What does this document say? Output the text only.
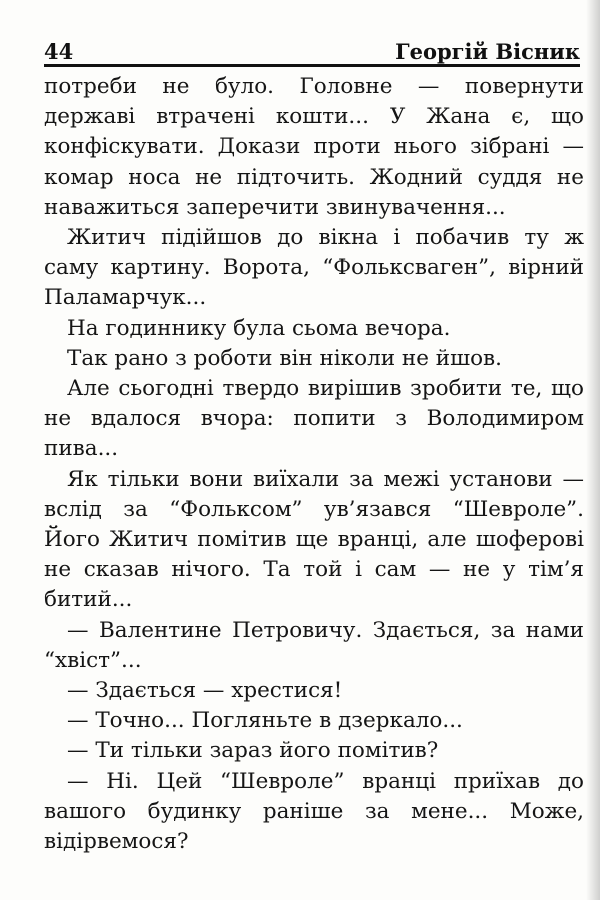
44	Георгій Вісник

потреби не було. Головне — повернути державі втрачені кошти... У Жана є, що конфіскувати. Докази проти нього зібрані — комар носа не підточить. Жодний суддя не наважиться заперечити звинувачення...

Житич підійшов до вікна і побачив ту ж саму картину. Ворота, “Фольксваген”, вірний Паламарчук...

На годиннику була сьома вечора.

Так рано з роботи він ніколи не йшов.

Але сьогодні твердо вирішив зробити те, що не вдалося вчора: попити з Володимиром пива...

Як тільки вони виїхали за межі установи — вслід за “Фольксом” ув’язався “Шевроле”. Його Житич помітив ще вранці, але шоферові не сказав нічого. Та той і сам — не у тім’я битий...

— Валентине Петровичу. Здається, за нами “хвіст”...

— Здається — хрестися!

— Точно... Погляньте в дзеркало...

— Ти тільки зараз його помітив?

— Ні. Цей “Шевроле” вранці приїхав до вашого будинку раніше за мене... Може, відірвемося?
